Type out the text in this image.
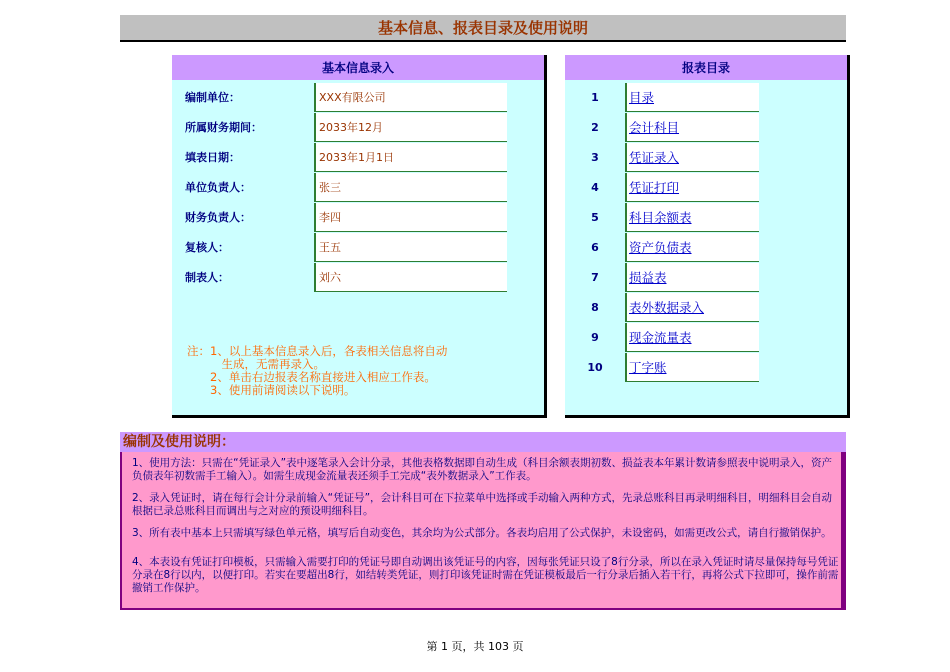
基本信息、报表目录及使用说明
基本信息录入
编制单位：	XXX有限公司
所属财务期间：	2033年12月
填表日期：	2033年1月1日
单位负责人：	张三
财务负责人：	李四
复核人：	王五
制表人：	刘六
注：1、以上基本信息录入后，各表相关信息将自动
　　　生成，无需再录入。
　　2、单击右边报表名称直接进入相应工作表。
　　3、使用前请阅读以下说明。
报表目录
1	目录
2	会计科目
3	凭证录入
4	凭证打印
5	科目余额表
6	资产负债表
7	损益表
8	表外数据录入
9	现金流量表
10	丁字账
编制及使用说明：

1、使用方法：只需在“凭证录入”表中逐笔录入会计分录，其他表格数据即自动生成（科目余额表期初数、损益表本年累计数请参照表中说明录入，资产负债表年初数需手工输入）。如需生成现金流量表还须手工完成“表外数据录入”工作表。

2、录入凭证时，请在每行会计分录前输入“凭证号”，会计科目可在下拉菜单中选择或手动输入两种方式，先录总账科目再录明细科目，明细科目会自动根据已录总账科目而调出与之对应的预设明细科目。

3、所有表中基本上只需填写绿色单元格，填写后自动变色，其余均为公式部分。各表均启用了公式保护，未设密码，如需更改公式，请自行撤销保护。

4、本表设有凭证打印模板，只需输入需要打印的凭证号即自动调出该凭证号的内容，因每张凭证只设了8行分录，所以在录入凭证时请尽量保持每号凭证分录在8行以内，以便打印。若实在要超出8行，如结转类凭证，则打印该凭证时需在凭证模板最后一行分录后插入若干行，再将公式下拉即可，操作前需撤销工作保护。

第 1 页，共 103 页
